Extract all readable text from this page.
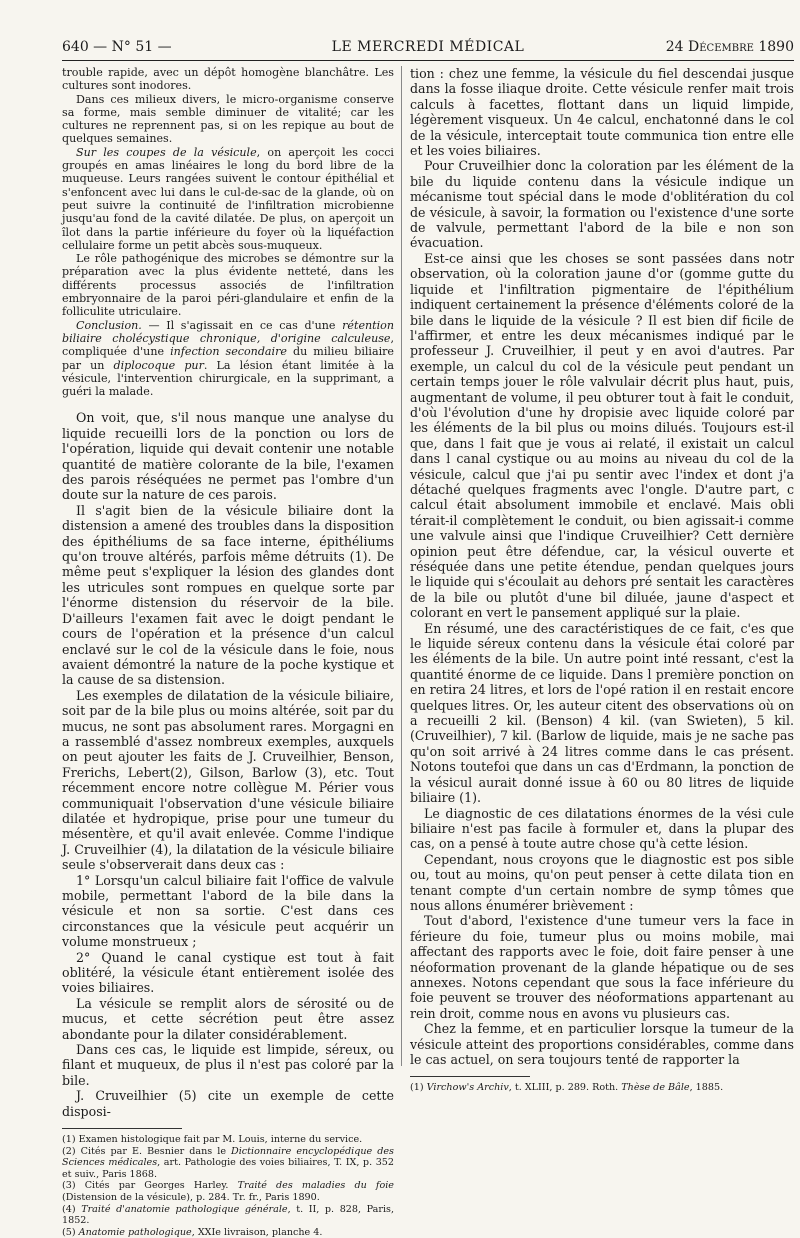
640 — N° 51 —	LE MERCREDI MÉDICAL	24 Décembre 1890

trouble rapide, avec un dépôt homogène blanchâtre. Les cultures sont inodores.

Dans ces milieux divers, le micro-organisme conserve sa forme, mais semble diminuer de vitalité; car les cultures ne reprennent pas, si on les repique au bout de quelques semaines.

Sur les coupes de la vésicule, on aperçoit les cocci groupés en amas linéaires le long du bord libre de la muqueuse. Leurs rangées suivent le contour épithélial et s'enfoncent avec lui dans le cul-de-sac de la glande, où on peut suivre la continuité de l'infiltration microbienne jusqu'au fond de la cavité dilatée. De plus, on aperçoit un îlot dans la partie inférieure du foyer où la liquéfaction cellulaire forme un petit abcès sous-muqueux.

Le rôle pathogénique des microbes se démontre sur la préparation avec la plus évidente netteté, dans les différents processus associés de l'infiltration embryonnaire de la paroi péri-glandulaire et enfin de la folliculite utriculaire.

Conclusion. — Il s'agissait en ce cas d'une rétention biliaire cholécystique chronique, d'origine calculeuse, compliquée d'une infection secondaire du milieu biliaire par un diplocoque pur. La lésion étant limitée à la vésicule, l'intervention chirurgicale, en la supprimant, a guéri la malade.

On voit, que, s'il nous manque une analyse du liquide recueilli lors de la ponction ou lors de l'opération, liquide qui devait contenir une notable quantité de matière colorante de la bile, l'examen des parois réséquées ne permet pas l'ombre d'un doute sur la nature de ces parois.

Il s'agit bien de la vésicule biliaire dont la distension a amené des troubles dans la disposition des épithéliums de sa face interne, épithéliums qu'on trouve altérés, parfois même détruits (1). De même peut s'expliquer la lésion des glandes dont les utricules sont rompues en quelque sorte par l'énorme distension du réservoir de la bile. D'ailleurs l'examen fait avec le doigt pendant le cours de l'opération et la présence d'un calcul enclavé sur le col de la vésicule dans le foie, nous avaient démontré la nature de la poche kystique et la cause de sa distension.

Les exemples de dilatation de la vésicule biliaire, soit par de la bile plus ou moins altérée, soit par du mucus, ne sont pas absolument rares. Morgagni en a rassemblé d'assez nombreux exemples, auxquels on peut ajouter les faits de J. Cruveilhier, Benson, Frerichs, Lebert(2), Gilson, Barlow (3), etc. Tout récemment encore notre collègue M. Périer vous communiquait l'observation d'une vésicule biliaire dilatée et hydropique, prise pour une tumeur du mésentère, et qu'il avait enlevée. Comme l'indique J. Cruveilhier (4), la dilatation de la vésicule biliaire seule s'observerait dans deux cas :

1° Lorsqu'un calcul biliaire fait l'office de valvule mobile, permettant l'abord de la bile dans la vésicule et non sa sortie. C'est dans ces circonstances que la vésicule peut acquérir un volume monstrueux ;

2° Quand le canal cystique est tout à fait oblitéré, la vésicule étant entièrement isolée des voies biliaires.

La vésicule se remplit alors de sérosité ou de mucus, et cette sécrétion peut être assez abondante pour la dilater considérablement.

Dans ces cas, le liquide est limpide, séreux, ou filant et muqueux, de plus il n'est pas coloré par la bile.

J. Cruveilhier (5) cite un exemple de cette disposi-

(1) Examen histologique fait par M. Louis, interne du service.

(2) Cités par E. Besnier dans le Dictionnaire encyclopédique des Sciences médicales, art. Pathologie des voies biliaires, T. IX, p. 352 et suiv., Paris 1868.

(3) Cités par Georges Harley. Traité des maladies du foie (Distension de la vésicule), p. 284. Tr. fr., Paris 1890.

(4) Traité d'anatomie pathologique générale, t. II, p. 828, Paris, 1852.

(5) Anatomie pathologique, XXIe livraison, planche 4.

tion : chez une femme, la vésicule du fiel descendai jusque dans la fosse iliaque droite. Cette vésicule renfer mait trois calculs à facettes, flottant dans un liquid limpide, légèrement visqueux. Un 4e calcul, enchatonné dans le col de la vésicule, interceptait toute communica tion entre elle et les voies biliaires.

Pour Cruveilhier donc la coloration par les élément de la bile du liquide contenu dans la vésicule indique un mécanisme tout spécial dans le mode d'oblitération du col de vésicule, à savoir, la formation ou l'existence d'une sorte de valvule, permettant l'abord de la bile e non son évacuation.

Est-ce ainsi que les choses se sont passées dans notr observation, où la coloration jaune d'or (gomme gutte du liquide et l'infiltration pigmentaire de l'épithélium indiquent certainement la présence d'éléments coloré de la bile dans le liquide de la vésicule ? Il est bien dif ficile de l'affirmer, et entre les deux mécanismes indiqué par le professeur J. Cruveilhier, il peut y en avoi d'autres. Par exemple, un calcul du col de la vésicule peut pendant un certain temps jouer le rôle valvulair décrit plus haut, puis, augmentant de volume, il peu obturer tout à fait le conduit, d'où l'évolution d'une hy dropisie avec liquide coloré par les éléments de la bil plus ou moins dilués. Toujours est-il que, dans l fait que je vous ai relaté, il existait un calcul dans l canal cystique ou au moins au niveau du col de la vésicule, calcul que j'ai pu sentir avec l'index et dont j'a détaché quelques fragments avec l'ongle. D'autre part, c calcul était absolument immobile et enclavé. Mais obli térait-il complètement le conduit, ou bien agissait-i comme une valvule ainsi que l'indique Cruveilhier? Cett dernière opinion peut être défendue, car, la vésicul ouverte et réséquée dans une petite étendue, pendan quelques jours le liquide qui s'écoulait au dehors pré sentait les caractères de la bile ou plutôt d'une bil diluée, jaune d'aspect et colorant en vert le pansement appliqué sur la plaie.

En résumé, une des caractéristiques de ce fait, c'es que le liquide séreux contenu dans la vésicule étai coloré par les éléments de la bile. Un autre point inté ressant, c'est la quantité énorme de ce liquide. Dans l première ponction on en retira 24 litres, et lors de l'opé ration il en restait encore quelques litres. Or, les auteur citent des observations où on a recueilli 2 kil. (Benson) 4 kil. (van Swieten), 5 kil. (Cruveilhier), 7 kil. (Barlow de liquide, mais je ne sache pas qu'on soit arrivé à 24 litres comme dans le cas présent. Notons toutefoi que dans un cas d'Erdmann, la ponction de la vésicul aurait donné issue à 60 ou 80 litres de liquide biliaire (1).

Le diagnostic de ces dilatations énormes de la vési cule biliaire n'est pas facile à formuler et, dans la plupar des cas, on a pensé à toute autre chose qu'à cette lésion.

Cependant, nous croyons que le diagnostic est pos sible ou, tout au moins, qu'on peut penser à cette dilata tion en tenant compte d'un certain nombre de symp tômes que nous allons énumérer brièvement :

Tout d'abord, l'existence d'une tumeur vers la face in férieure du foie, tumeur plus ou moins mobile, mai affectant des rapports avec le foie, doit faire penser à une néoformation provenant de la glande hépatique ou de ses annexes. Notons cependant que sous la face inférieure du foie peuvent se trouver des néoformations appartenant au rein droit, comme nous en avons vu plusieurs cas.

Chez la femme, et en particulier lorsque la tumeur de la vésicule atteint des proportions considérables, comme dans le cas actuel, on sera toujours tenté de rapporter la

(1) Virchow's Archiv, t. XLIII, p. 289. Roth. Thèse de Bâle, 1885.
